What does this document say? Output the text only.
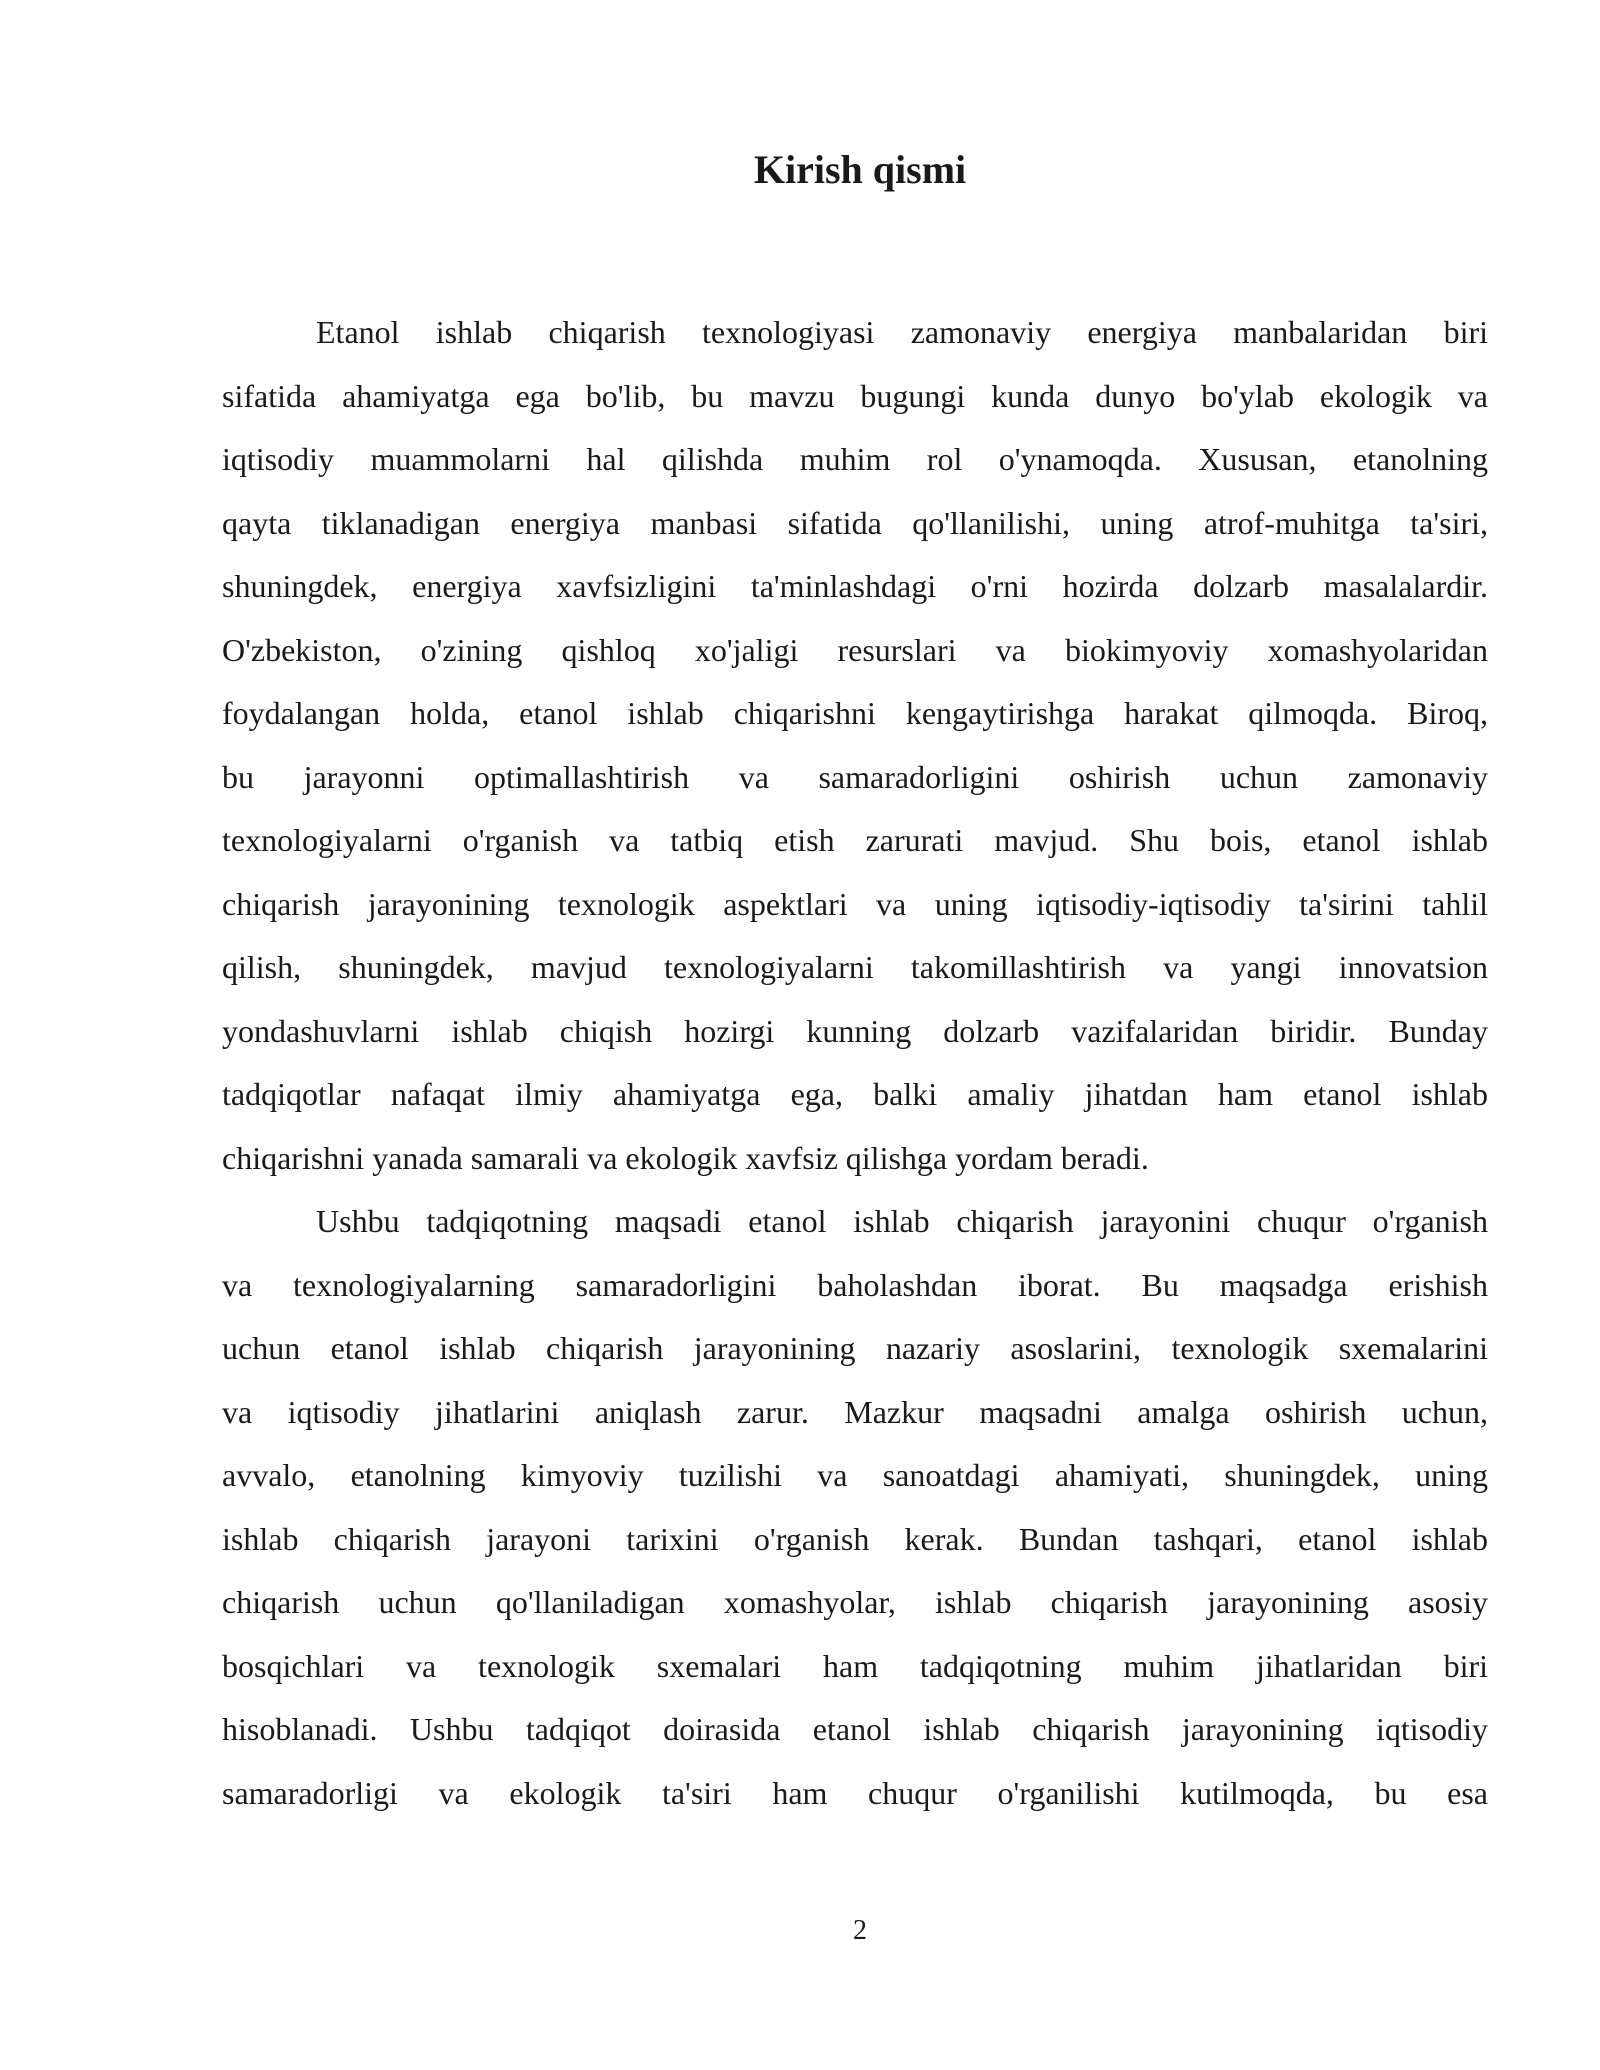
Kirish qismi
Etanol ishlab chiqarish texnologiyasi zamonaviy energiya manbalaridan biri
sifatida ahamiyatga ega bo'lib, bu mavzu bugungi kunda dunyo bo'ylab ekologik va
iqtisodiy muammolarni hal qilishda muhim rol o'ynamoqda. Xususan, etanolning
qayta tiklanadigan energiya manbasi sifatida qo'llanilishi, uning atrof-muhitga ta'siri,
shuningdek, energiya xavfsizligini ta'minlashdagi o'rni hozirda dolzarb masalalardir.
O'zbekiston, o'zining qishloq xo'jaligi resurslari va biokimyoviy xomashyolaridan
foydalangan holda, etanol ishlab chiqarishni kengaytirishga harakat qilmoqda. Biroq,
bu jarayonni optimallashtirish va samaradorligini oshirish uchun zamonaviy
texnologiyalarni o'rganish va tatbiq etish zarurati mavjud. Shu bois, etanol ishlab
chiqarish jarayonining texnologik aspektlari va uning iqtisodiy-iqtisodiy ta'sirini tahlil
qilish, shuningdek, mavjud texnologiyalarni takomillashtirish va yangi innovatsion
yondashuvlarni ishlab chiqish hozirgi kunning dolzarb vazifalaridan biridir. Bunday
tadqiqotlar nafaqat ilmiy ahamiyatga ega, balki amaliy jihatdan ham etanol ishlab
chiqarishni yanada samarali va ekologik xavfsiz qilishga yordam beradi.
Ushbu tadqiqotning maqsadi etanol ishlab chiqarish jarayonini chuqur o'rganish
va texnologiyalarning samaradorligini baholashdan iborat. Bu maqsadga erishish
uchun etanol ishlab chiqarish jarayonining nazariy asoslarini, texnologik sxemalarini
va iqtisodiy jihatlarini aniqlash zarur. Mazkur maqsadni amalga oshirish uchun,
avvalo, etanolning kimyoviy tuzilishi va sanoatdagi ahamiyati, shuningdek, uning
ishlab chiqarish jarayoni tarixini o'rganish kerak. Bundan tashqari, etanol ishlab
chiqarish uchun qo'llaniladigan xomashyolar, ishlab chiqarish jarayonining asosiy
bosqichlari va texnologik sxemalari ham tadqiqotning muhim jihatlaridan biri
hisoblanadi. Ushbu tadqiqot doirasida etanol ishlab chiqarish jarayonining iqtisodiy
samaradorligi va ekologik ta'siri ham chuqur o'rganilishi kutilmoqda, bu esa
2
